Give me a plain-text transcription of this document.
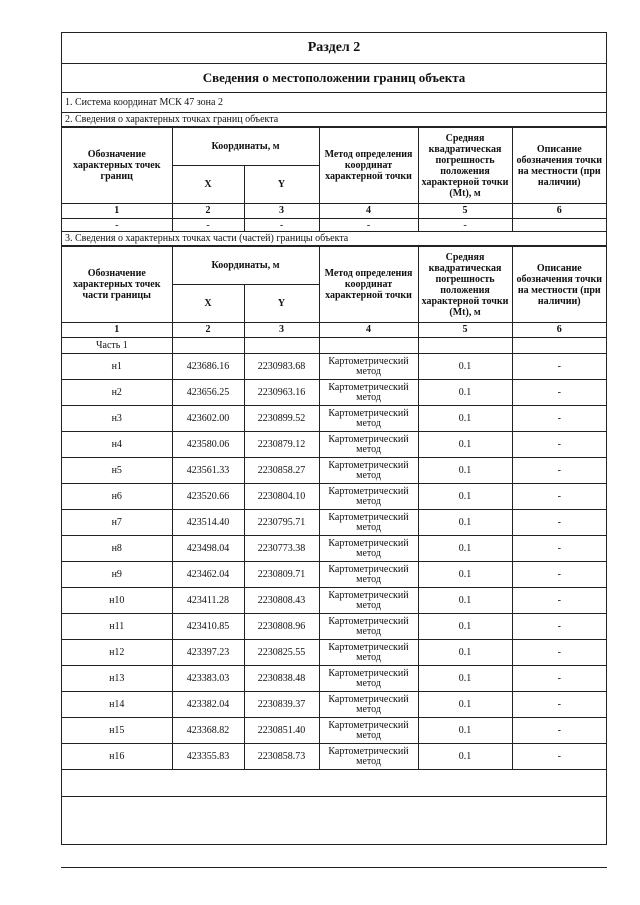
Раздел 2
Сведения о местоположении границ объекта
1. Система координат МСК 47 зона 2
2. Сведения о характерных точках границ объекта
Обозначение характерных точек границ	Координаты, м		Метод определения координат характерной точки	Средняя квадратическая погрешность положения характерной точки (Mt), м	Описание обозначения точки на местности (при наличии)
	X	Y			
1	2	3	4	5	6
-	-	-	-	-	
3. Сведения о характерных точках части (частей) границы объекта
Обозначение характерных точек части границы	Координаты, м		Метод определения координат характерной точки	Средняя квадратическая погрешность положения характерной точки (Mt), м	Описание обозначения точки на местности (при наличии)
	X	Y			
1	2	3	4	5	6
Часть 1					
н1	423686.16	2230983.68	Картометрический метод	0.1	-
н2	423656.25	2230963.16	Картометрический метод	0.1	-
н3	423602.00	2230899.52	Картометрический метод	0.1	-
н4	423580.06	2230879.12	Картометрический метод	0.1	-
н5	423561.33	2230858.27	Картометрический метод	0.1	-
н6	423520.66	2230804.10	Картометрический метод	0.1	-
н7	423514.40	2230795.71	Картометрический метод	0.1	-
н8	423498.04	2230773.38	Картометрический метод	0.1	-
н9	423462.04	2230809.71	Картометрический метод	0.1	-
н10	423411.28	2230808.43	Картометрический метод	0.1	-
н11	423410.85	2230808.96	Картометрический метод	0.1	-
н12	423397.23	2230825.55	Картометрический метод	0.1	-
н13	423383.03	2230838.48	Картометрический метод	0.1	-
н14	423382.04	2230839.37	Картометрический метод	0.1	-
н15	423368.82	2230851.40	Картометрический метод	0.1	-
н16	423355.83	2230858.73	Картометрический метод	0.1	-
